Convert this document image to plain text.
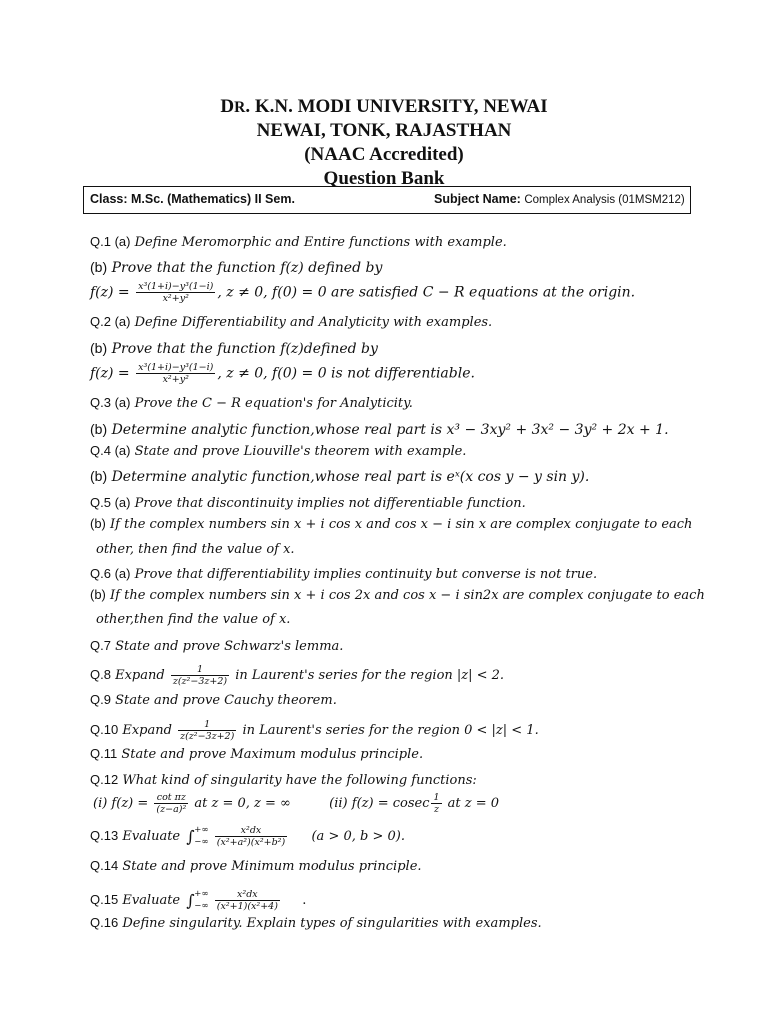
DR. K.N. MODI UNIVERSITY, NEWAI
NEWAI, TONK, RAJASTHAN
(NAAC Accredited)
Question Bank
Class: M.Sc. (Mathematics) II Sem.	Subject Name: Complex Analysis (01MSM212)
Q.1 (a) Define Meromorphic and Entire functions with example.
(b) Prove that the function f(z) defined by
$f(z) = \frac{\text{x³(1+i)−y³(1−i)}}{\text{x²+y²}}$ , z ≠ 0, f(0) = 0 are satisfied C − R equations at the origin.
Q.2 (a) Define Differentiability and Analyticity with examples.
(b) Prove that the function f(z)defined by
$f(z) = \frac{\text{x³(1+i)−y³(1−i)}}{\text{x²+y²}}$ , z ≠ 0, f(0) = 0 is not differentiable.
Q.3 (a) Prove the C − R equation's for Analyticity.
(b) Determine analytic function,whose real part is x³ − 3xy² + 3x² − 3y² + 2x + 1.
Q.4 (a) State and prove Liouville's theorem with example.
(b) Determine analytic function,whose real part is eˣ(x cos y − y sin y).
Q.5 (a) Prove that discontinuity implies not differentiable function.
(b) If the complex numbers sin x + i cos x and cos x − i sin x are complex conjugate to each
other, then find the value of x.
Q.6 (a) Prove that differentiability implies continuity but converse is not true.
(b) If the complex numbers sin x + i cos 2x and cos x − i sin2x are complex conjugate to each
other,then find the value of x.
Q.7 State and prove Schwarz's lemma.
Q.8 Expand $\frac{1}{\text{z(z²−3z+2)}}$ in Laurent's series for the region |z| < 2.
Q.9 State and prove Cauchy theorem.
Q.10 Expand $\frac{1}{\text{z(z²−3z+2)}}$ in Laurent's series for the region 0 < |z| < 1.
Q.11 State and prove Maximum modulus principle.
Q.12 What kind of singularity have the following functions:
(i) $f(z) = \frac{\text{cot πz}}{\text{(z−a)²}}$ at z = 0, z = ∞	(ii) f(z) = cosec $\frac{1}{z}$ at z = 0
Q.13 Evaluate ∫ +∞
−∞
$\frac{\text{x²dx}}{\text{(x²+a²)(x²+b²)}} (a > 0$, b > 0).
Q.14 State and prove Minimum modulus principle.
Q.15 Evaluate ∫ +∞
−∞
$\frac{\text{x²dx}}{\text{(x²+1)(x²+4)}}$ .
Q.16 Define singularity. Explain types of singularities with examples.
